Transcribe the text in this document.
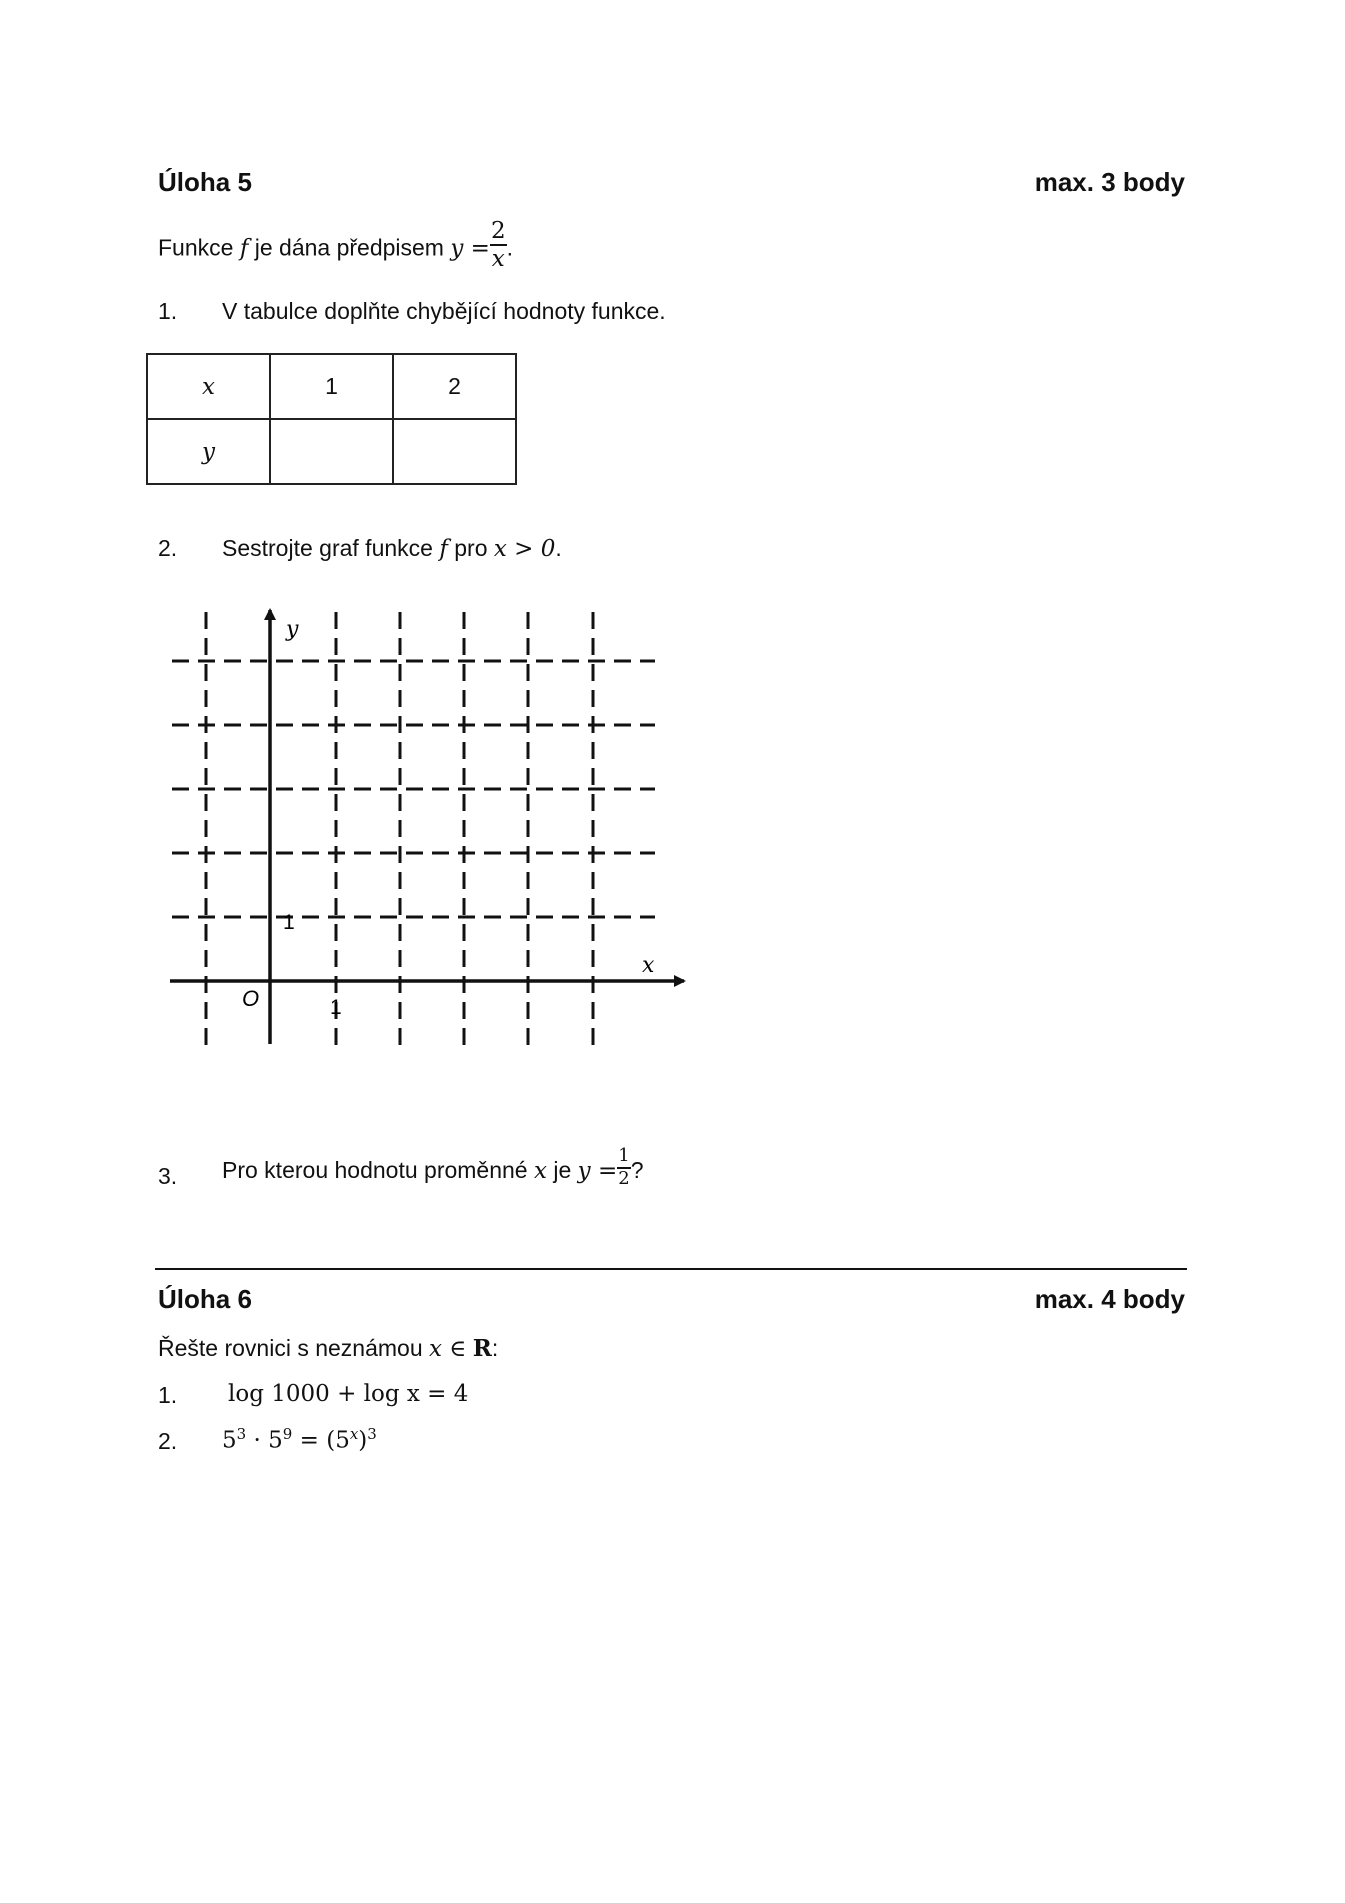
Úloha 5	max. 3 body
Funkce f je dána předpisem $y = \frac{2}{x}$ .
1. V tabulce doplňte chybějící hodnoty funkce.
x	1	2
y		
2. Sestrojte graf funkce f pro x > 0.
y
x
O
1
1
3. Pro kterou hodnotu proměnné x je $y = \frac{1}{2}$ ?
Úloha 6	max. 4 body
Řešte rovnici s neznámou x ∈ R:
1. log 1000 + log x = 4
2. $5^3 \cdot 5^9 = (5^x)^3$
